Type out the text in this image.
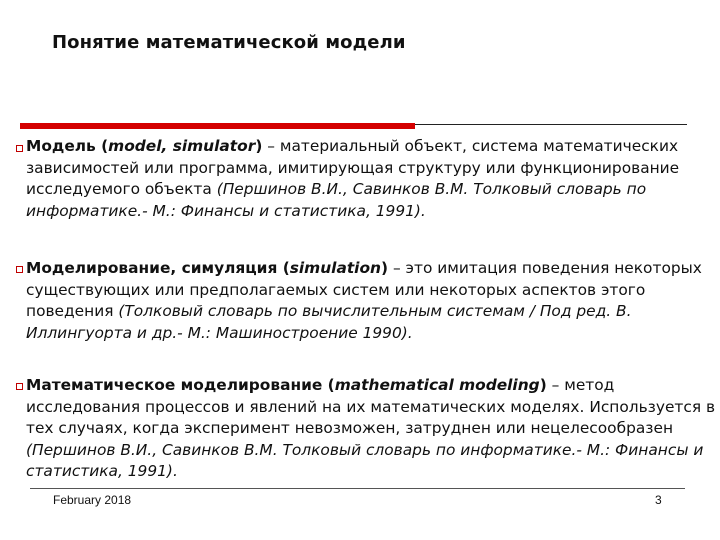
Понятие математической модели
Модель (model, simulator) – материальный объект, система математических зависимостей или программа, имитирующая структуру или функционирование исследуемого объекта (Першинов В.И., Савинков В.М. Толковый словарь по информатике.- М.: Финансы и статистика, 1991).
Моделирование, симуляция (simulation) – это имитация поведения некоторых существующих или предполагаемых систем или некоторых аспектов этого поведения (Толковый словарь по вычислительным системам / Под ред. В. Иллингуорта и др.- М.: Машиностроение 1990).
Математическое моделирование (mathematical modeling) – метод исследования процессов и явлений на их математических моделях. Используется в тех случаях, когда эксперимент невозможен, затруднен или нецелесообразен (Першинов В.И., Савинков В.М. Толковый словарь по информатике.- М.: Финансы и статистика, 1991).
February 2018	3
